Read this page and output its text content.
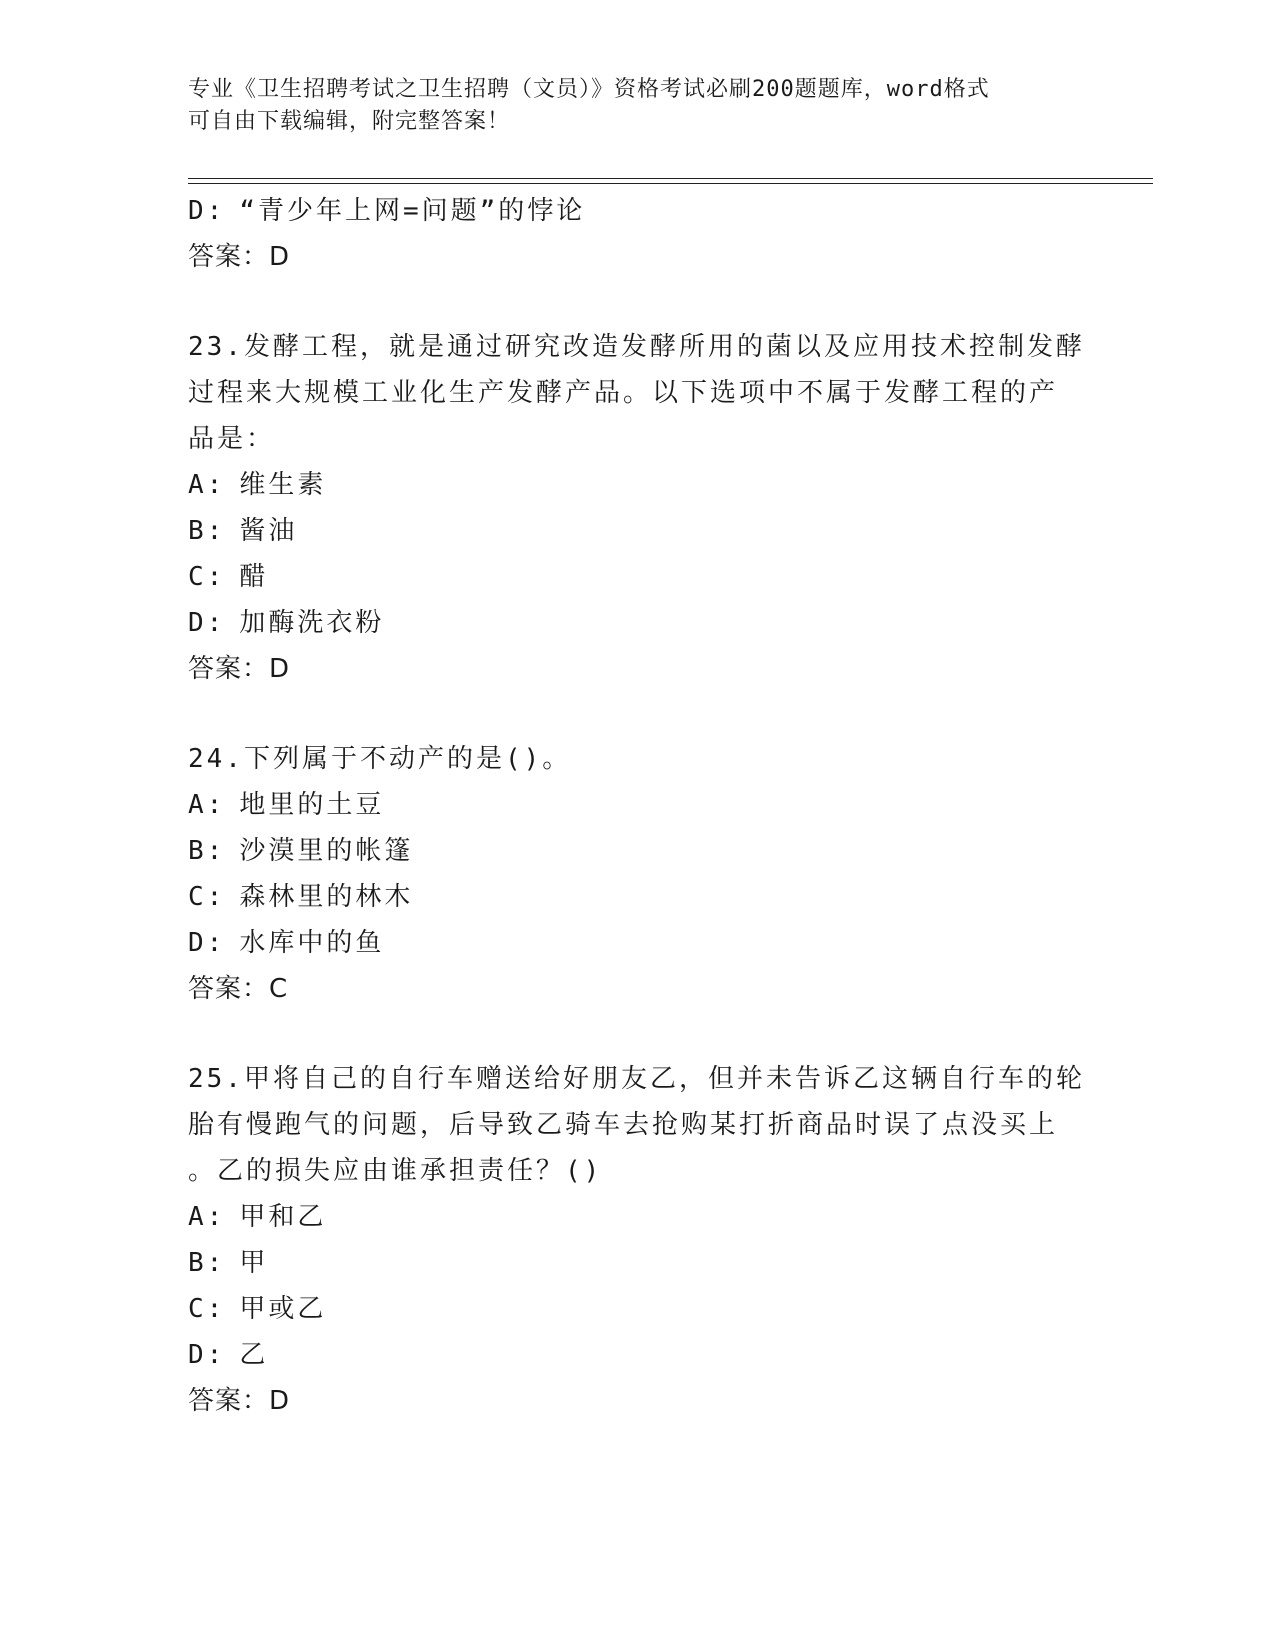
专业《卫生招聘考试之卫生招聘（文员）》资格考试必刷200题题库，word格式
可自由下载编辑，附完整答案！
D: “青少年上网=问题”的悖论
答案：D
23.发酵工程，就是通过研究改造发酵所用的菌以及应用技术控制发酵
过程来大规模工业化生产发酵产品。以下选项中不属于发酵工程的产
品是：
A: 维生素
B: 酱油
C: 醋
D: 加酶洗衣粉
答案：D
24.下列属于不动产的是()。
A: 地里的土豆
B: 沙漠里的帐篷
C: 森林里的林木
D: 水库中的鱼
答案：C
25.甲将自己的自行车赠送给好朋友乙，但并未告诉乙这辆自行车的轮
胎有慢跑气的问题，后导致乙骑车去抢购某打折商品时误了点没买上
。乙的损失应由谁承担责任？()
A: 甲和乙
B: 甲
C: 甲或乙
D: 乙
答案：D
